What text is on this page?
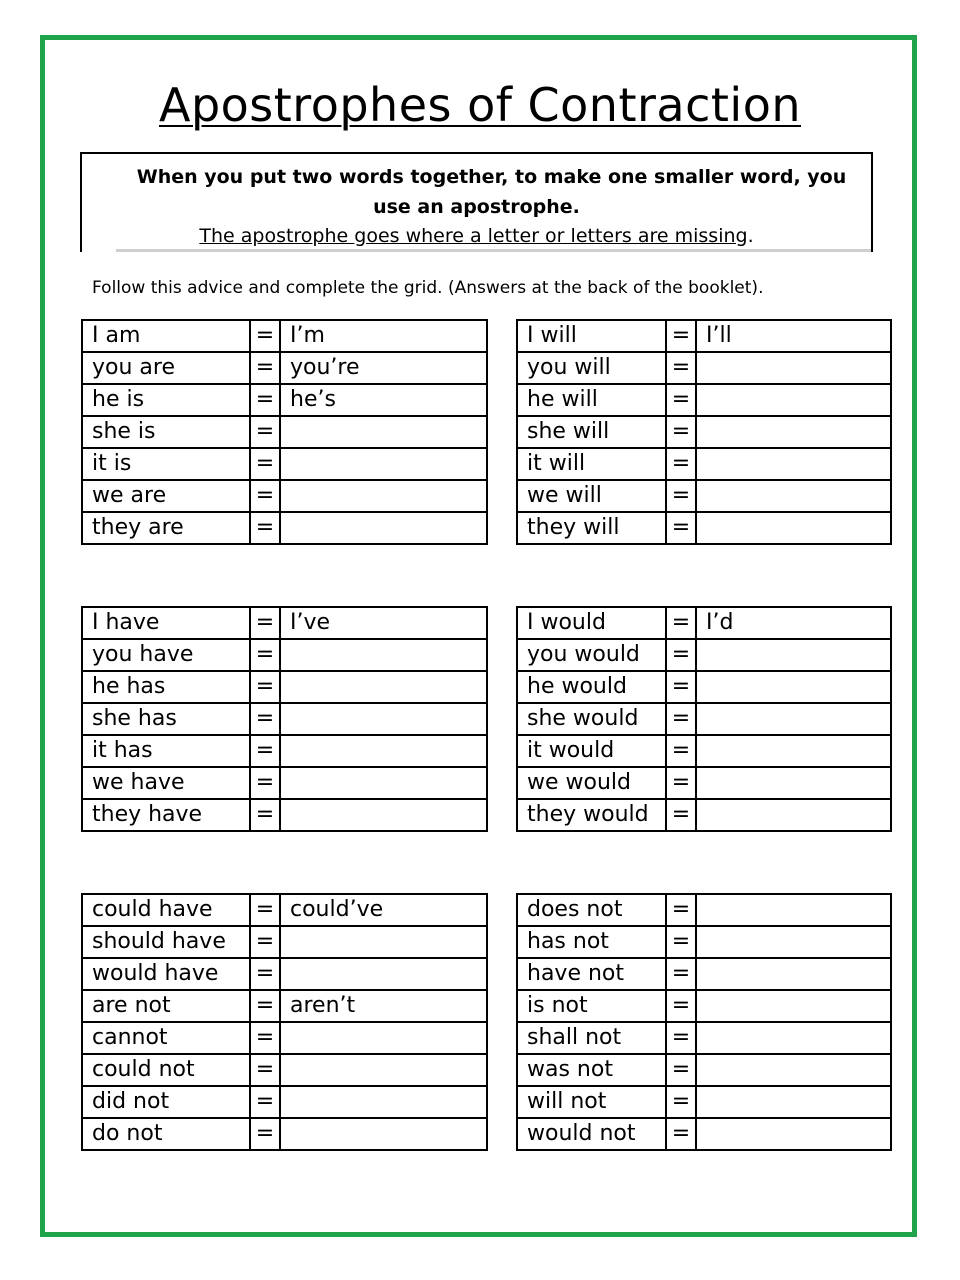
Apostrophes of Contraction
When you put two words together, to make one smaller word, you
use an apostrophe.
The apostrophe goes where a letter or letters are missing.
Follow this advice and complete the grid. (Answers at the back of the booklet).
I am	=	I’m
you are	=	you’re
he is	=	he’s
she is	=	
it is	=	
we are	=	
they are	=	
I will	=	I’ll
you will	=	
he will	=	
she will	=	
it will	=	
we will	=	
they will	=	
I have	=	I’ve
you have	=	
he has	=	
she has	=	
it has	=	
we have	=	
they have	=	
I would	=	I’d
you would	=	
he would	=	
she would	=	
it would	=	
we would	=	
they would	=	
could have	=	could’ve
should have	=	
would have	=	
are not	=	aren’t
cannot	=	
could not	=	
did not	=	
do not	=	
does not	=	
has not	=	
have not	=	
is not	=	
shall not	=	
was not	=	
will not	=	
would not	=	
